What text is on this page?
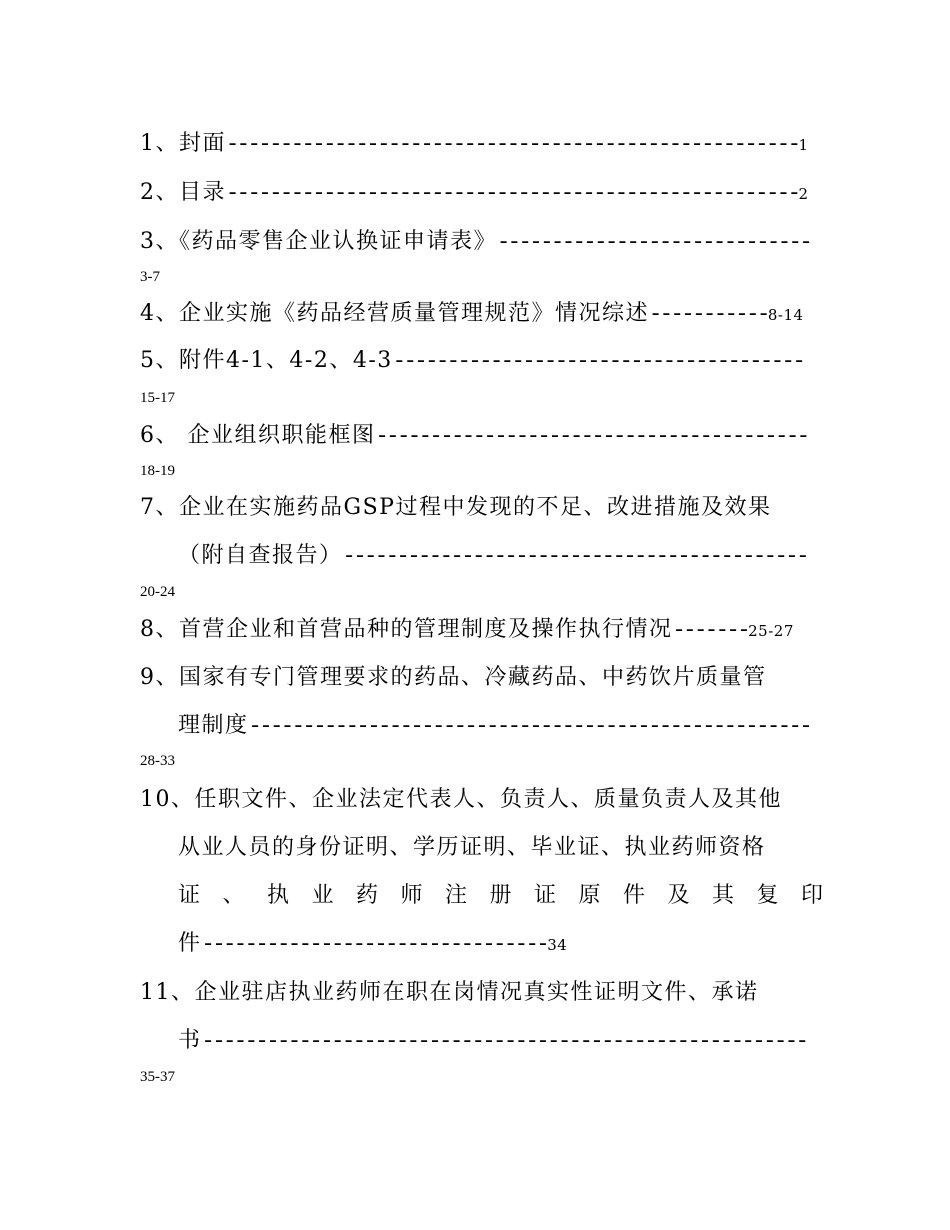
1、封面-----------------------------------------------------1
2、目录-----------------------------------------------------2
3、《药品零售企业认换证申请表》-----------------------------
3-7
4、企业实施《药品经营质量管理规范》情况综述-----------8-14
5、附件4-1、4-2、4-3--------------------------------------
15-17
6、 企业组织职能框图----------------------------------------
18-19
7、企业在实施药品GSP过程中发现的不足、改进措施及效果
（附自查报告）-------------------------------------------
20-24
8、首营企业和首营品种的管理制度及操作执行情况-------25-27
9、国家有专门管理要求的药品、冷藏药品、中药饮片质量管
理制度----------------------------------------------------
28-33
10、任职文件、企业法定代表人、负责人、质量负责人及其他
从业人员的身份证明、学历证明、毕业证、执业药师资格
证、执业药师注册证原件及其复印
件--------------------------------34
11、企业驻店执业药师在职在岗情况真实性证明文件、承诺
书--------------------------------------------------------
35-37
